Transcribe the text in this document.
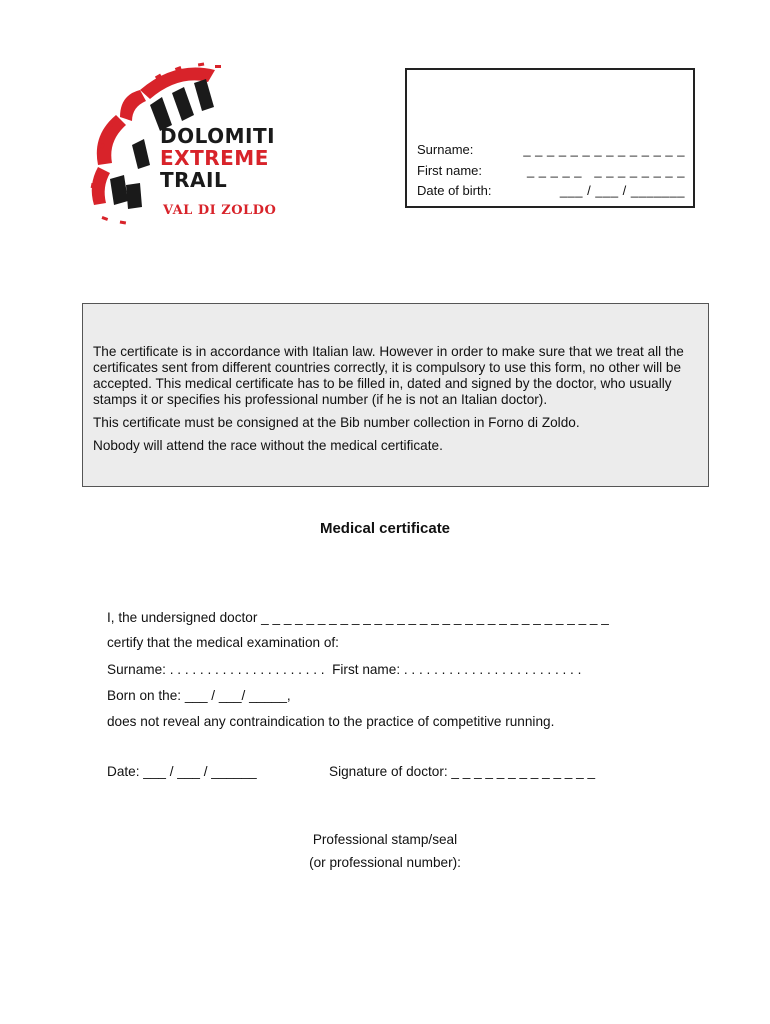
DOLOMITI
EXTREME
TRAIL
VAL DI ZOLDO
Surname:	_ _ _ _ _ _ _ _ _ _ _ _ _ _
First name:	_ _ _ _ _   _ _ _ _ _ _ _ _
Date of birth:	___ / ___ / _______

The certificate is in accordance with Italian law. However in order to make sure that we treat all the certificates sent from different countries correctly, it is compulsory to use this form, no other will be accepted. This medical certificate has to be filled in, dated and signed by the doctor, who usually stamps it or specifies his professional number (if he is not an Italian doctor).

This certificate must be consigned at the Bib number collection in Forno di Zoldo.

Nobody will attend the race without the medical certificate.

Medical certificate
I, the undersigned doctor _ _ _ _ _ _ _ _ _ _ _ _ _ _ _ _ _ _ _ _ _ _ _ _ _ _ _ _ _ _ _
certify that the medical examination of:
Surname: . . . . . . . . . . . . . . . . . . . . .  First name: . . . . . . . . . . . . . . . . . . . . . . . .
Born on the: ___ / ___/ _____,
does not reveal any contraindication to the practice of competitive running.
Date: ___ / ___ / ______	Signature of doctor: _ _ _ _ _ _ _ _ _ _ _ _ _
Professional stamp/seal
(or professional number):
